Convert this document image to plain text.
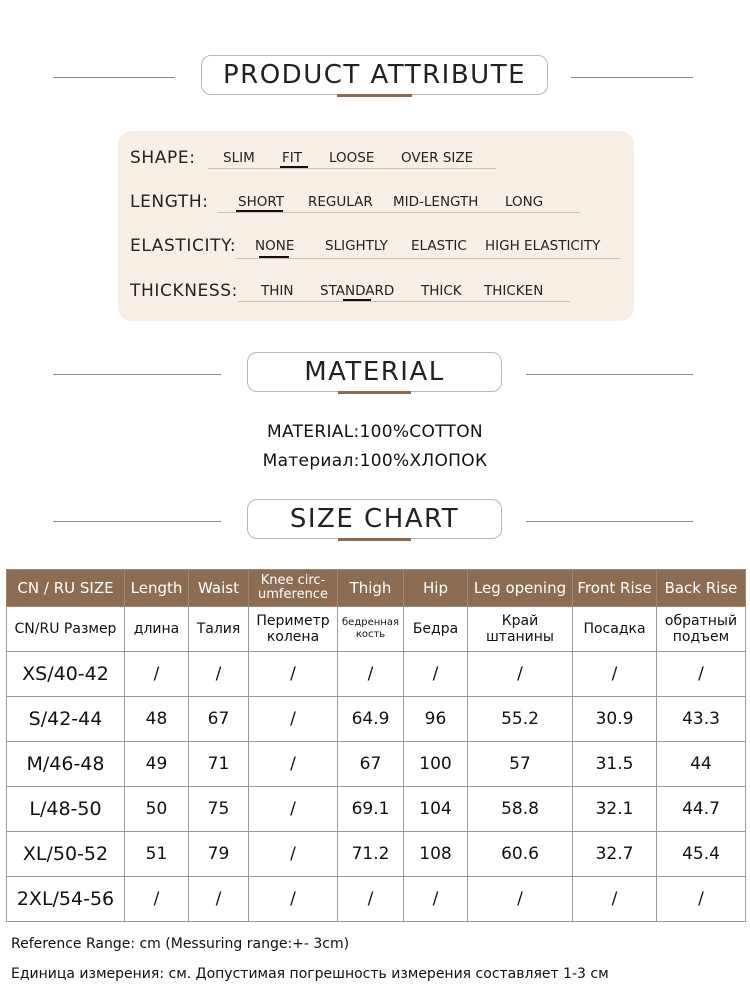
PRODUCT ATTRIBUTE
SHAPE: SLIM FIT LOOSE OVER SIZE
LENGTH: SHORT REGULAR MID-LENGTH LONG
ELASTICITY: NONE SLIGHTLY ELASTIC HIGH ELASTICITY
THICKNESS: THIN STANDARD THICK THICKEN
MATERIAL
MATERIAL:100%COTTON
Материал:100%ХЛОПОК
SIZE CHART
CN / RU SIZE	Length	Waist	Knee circ-umference	Thigh	Hip	Leg opening	Front Rise	Back Rise
CN/RU Размер	длина	Талия	Периметр колена	бедренная кость	Бедра	Край штанины	Посадка	обратный подъем
XS/40-42	/	/	/	/	/	/	/	/
S/42-44	48	67	/	64.9	96	55.2	30.9	43.3
M/46-48	49	71	/	67	100	57	31.5	44
L/48-50	50	75	/	69.1	104	58.8	32.1	44.7
XL/50-52	51	79	/	71.2	108	60.6	32.7	45.4
2XL/54-56	/	/	/	/	/	/	/	/
Reference Range: cm (Messuring range:+- 3cm)
Единица измерения: см. Допустимая погрешность измерения составляет 1-3 см
